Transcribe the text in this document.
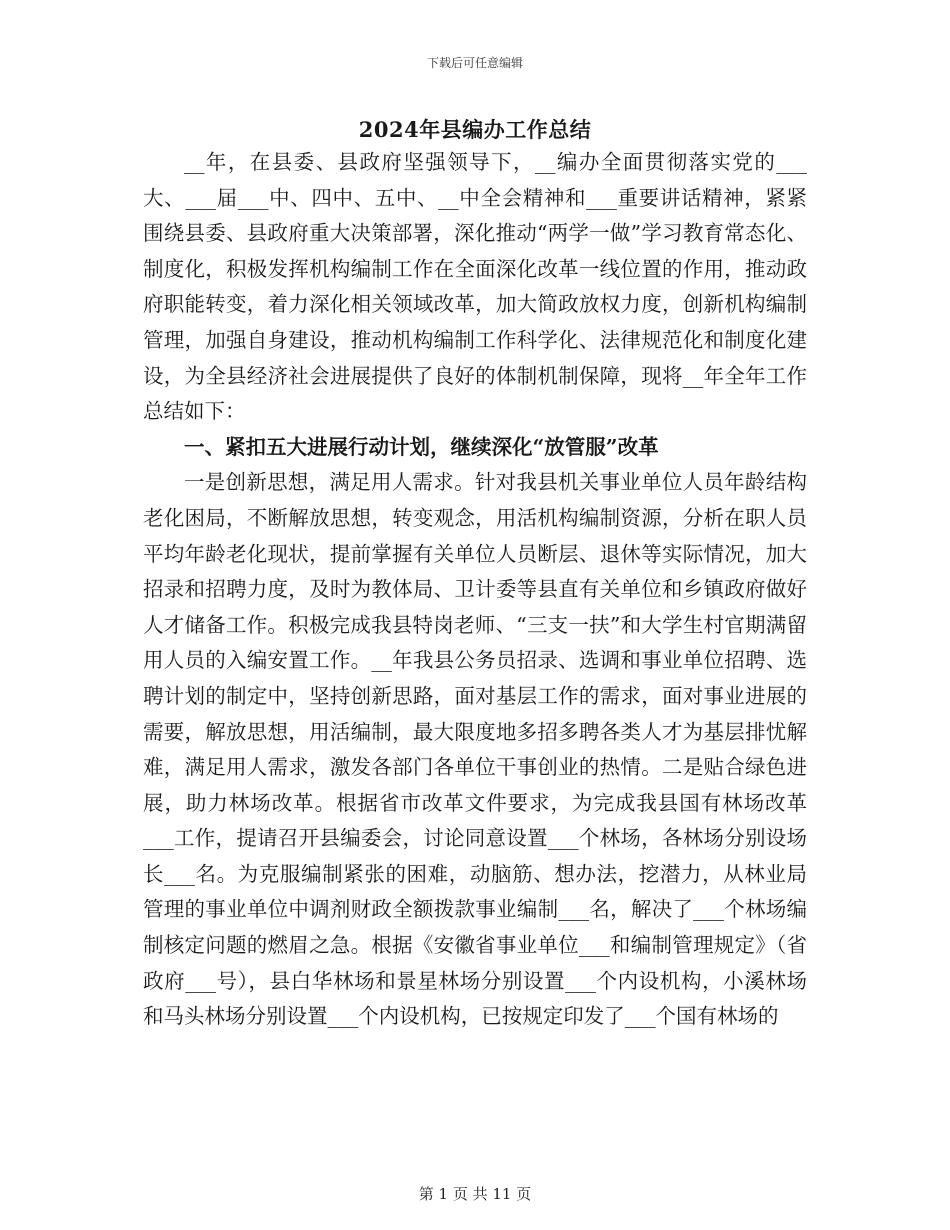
下载后可任意编辑
2024年县编办工作总结

__年，在县委、县政府坚强领导下，__编办全面贯彻落实党的___大、___届___中、四中、五中、__中全会精神和___重要讲话精神，紧紧围绕县委、县政府重大决策部署，深化推动“两学一做”学习教育常态化、制度化，积极发挥机构编制工作在全面深化改革一线位置的作用，推动政府职能转变，着力深化相关领域改革，加大简政放权力度，创新机构编制管理，加强自身建设，推动机构编制工作科学化、法律规范化和制度化建设，为全县经济社会进展提供了良好的体制机制保障，现将__年全年工作总结如下：

一、紧扣五大进展行动计划，继续深化“放管服”改革

一是创新思想，满足用人需求。针对我县机关事业单位人员年龄结构老化困局，不断解放思想，转变观念，用活机构编制资源，分析在职人员平均年龄老化现状，提前掌握有关单位人员断层、退休等实际情况，加大招录和招聘力度，及时为教体局、卫计委等县直有关单位和乡镇政府做好人才储备工作。积极完成我县特岗老师、“三支一扶”和大学生村官期满留用人员的入编安置工作。__年我县公务员招录、选调和事业单位招聘、选聘计划的制定中，坚持创新思路，面对基层工作的需求，面对事业进展的需要，解放思想，用活编制，最大限度地多招多聘各类人才为基层排忧解难，满足用人需求，激发各部门各单位干事创业的热情。二是贴合绿色进展，助力林场改革。根据省市改革文件要求，为完成我县国有林场改革___工作，提请召开县编委会，讨论同意设置___个林场，各林场分别设场长___名。为克服编制紧张的困难，动脑筋、想办法，挖潜力，从林业局管理的事业单位中调剂财政全额拨款事业编制___名，解决了___个林场编制核定问题的燃眉之急。根据《安徽省事业单位___和编制管理规定》（省政府___号），县白华林场和景星林场分别设置___个内设机构，小溪林场和马头林场分别设置___个内设机构，已按规定印发了___个国有林场的

第 1 页 共 11 页
